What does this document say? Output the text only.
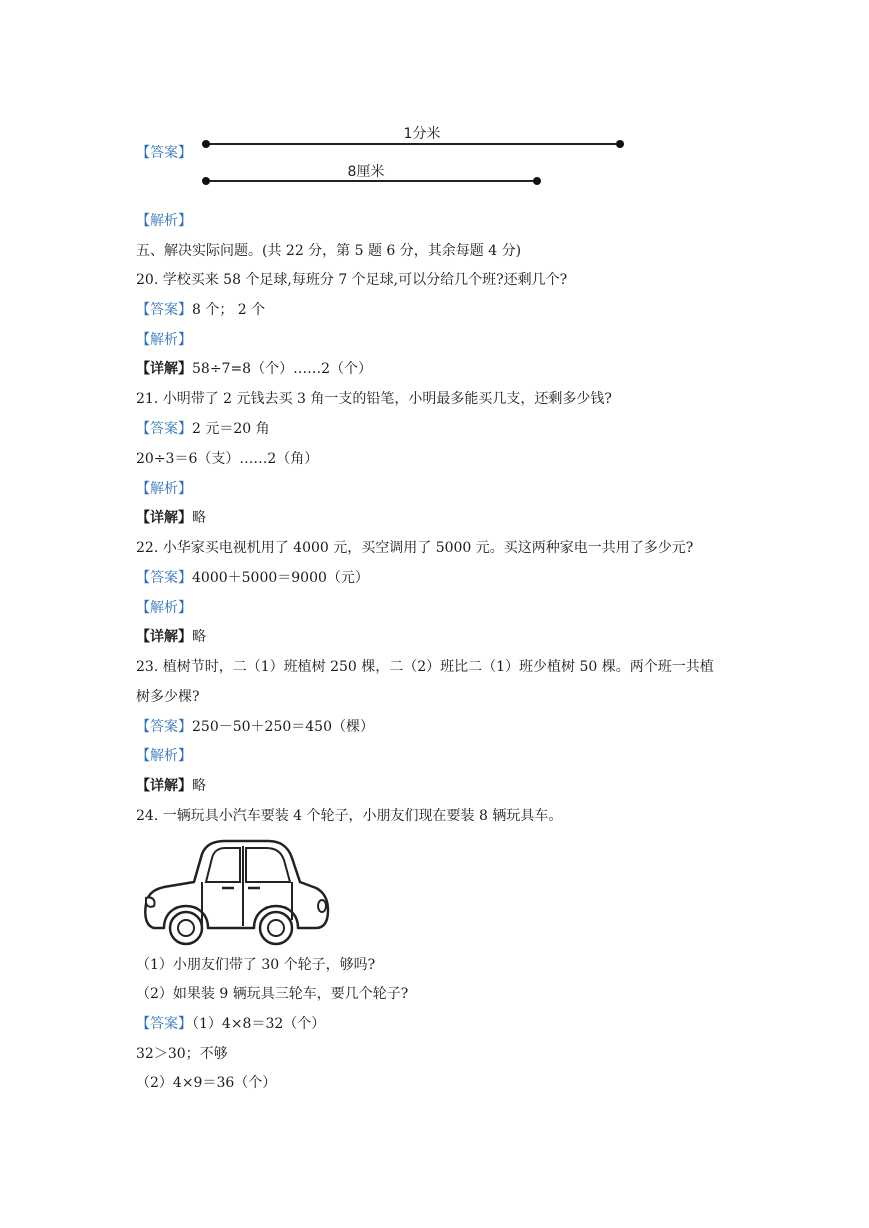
【答案】
1分米
8厘米
【解析】
五、解决实际问题。(共 22 分，第 5 题 6 分，其余每题 4 分)
20. 学校买来 58 个足球,每班分 7 个足球,可以分给几个班?还剩几个?
【答案】8 个； 2 个
【解析】
【详解】58÷7=8（个）……2（个）
21. 小明带了 2 元钱去买 3 角一支的铅笔，小明最多能买几支，还剩多少钱?
【答案】2 元＝20 角
20÷3＝6（支）……2（角）
【解析】
【详解】略
22. 小华家买电视机用了 4000 元，买空调用了 5000 元。买这两种家电一共用了多少元?
【答案】4000＋5000＝9000（元）
【解析】
【详解】略
23. 植树节时，二（1）班植树 250 棵，二（2）班比二（1）班少植树 50 棵。两个班一共植
树多少棵?
【答案】250－50＋250＝450（棵）
【解析】
【详解】略
24. 一辆玩具小汽车要装 4 个轮子，小朋友们现在要装 8 辆玩具车。
（1）小朋友们带了 30 个轮子，够吗?
（2）如果装 9 辆玩具三轮车，要几个轮子?
【答案】（1）4×8＝32（个）
32＞30；不够
（2）4×9＝36（个）
